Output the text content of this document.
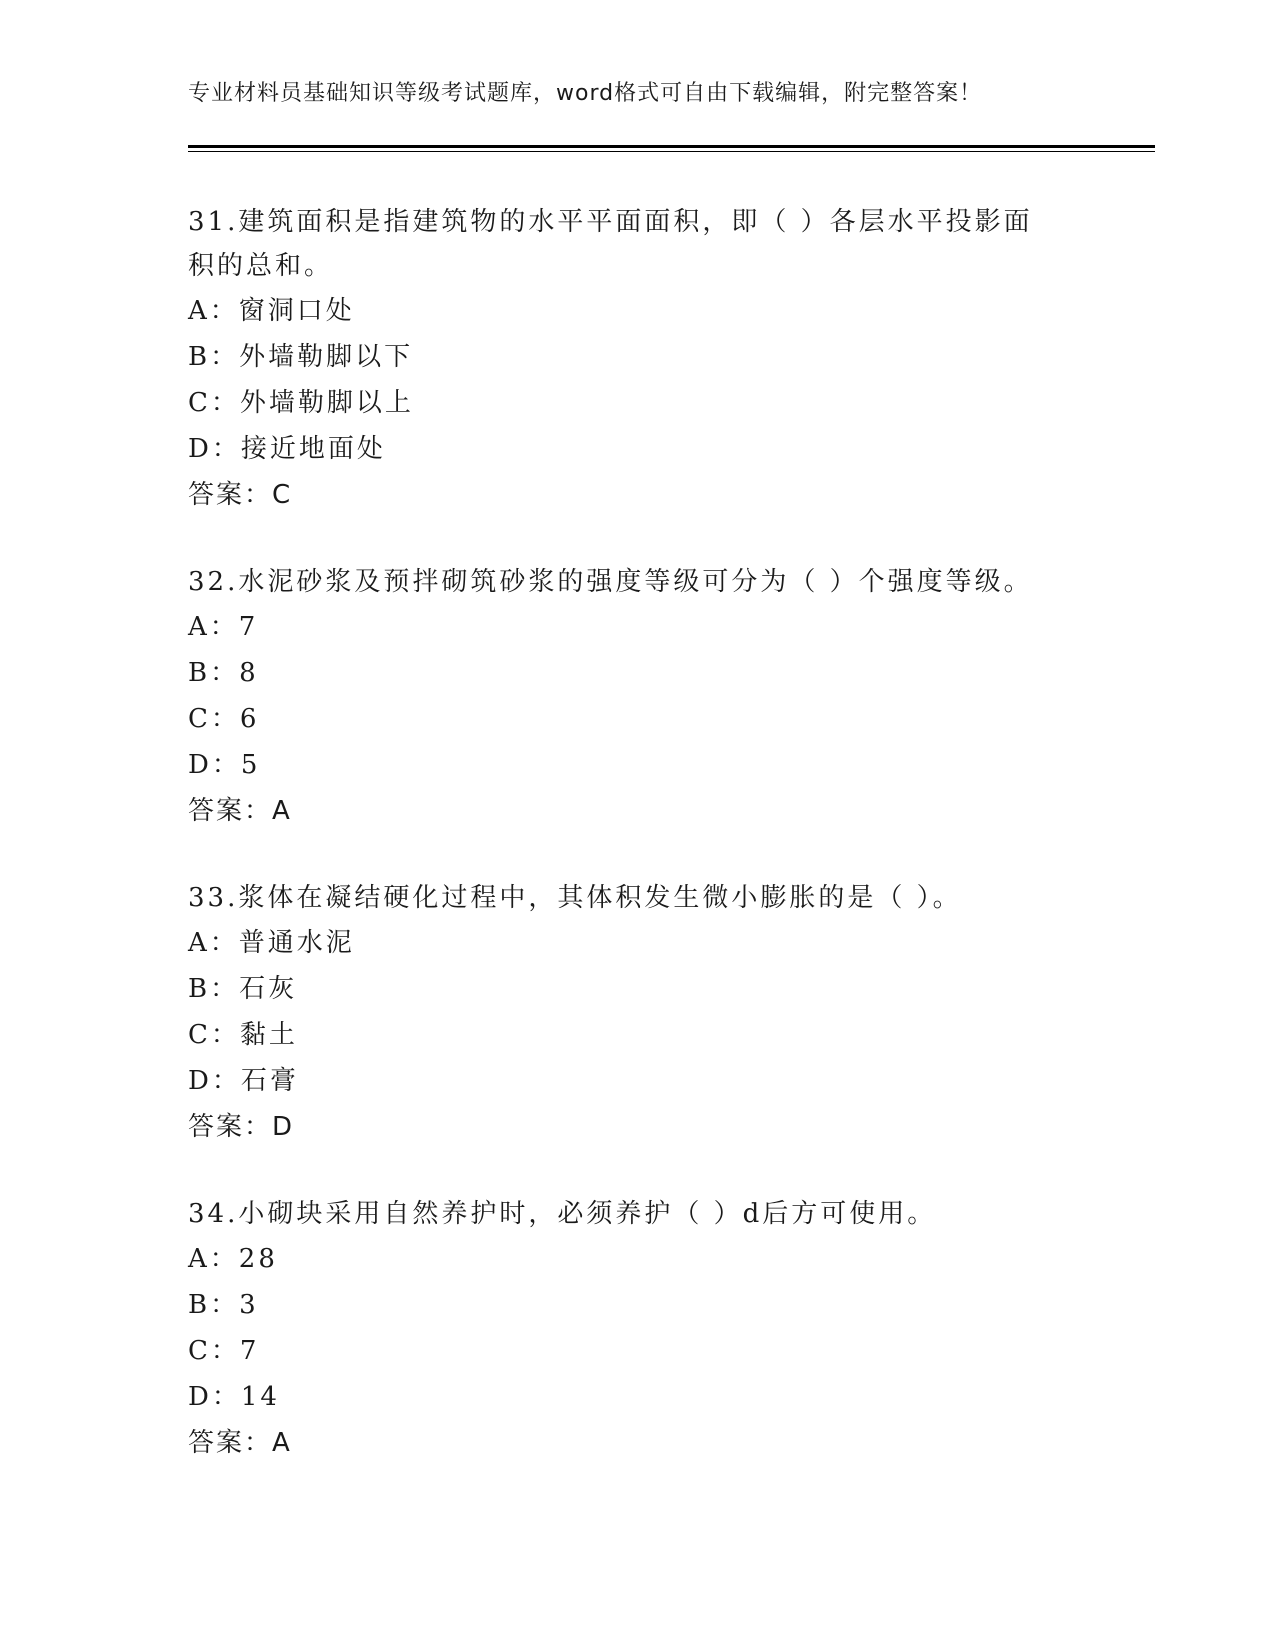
专业材料员基础知识等级考试题库，word格式可自由下载编辑，附完整答案！
31.建筑面积是指建筑物的水平平面面积，即（ ）各层水平投影面积的总和。
A：窗洞口处
B：外墙勒脚以下
C：外墙勒脚以上
D：接近地面处
答案：C
32.水泥砂浆及预拌砌筑砂浆的强度等级可分为（ ）个强度等级。
A：7
B：8
C：6
D：5
答案：A
33.浆体在凝结硬化过程中，其体积发生微小膨胀的是（ ）。
A：普通水泥
B：石灰
C：黏土
D：石膏
答案：D
34.小砌块采用自然养护时，必须养护（ ）d后方可使用。
A：28
B：3
C：7
D：14
答案：A
